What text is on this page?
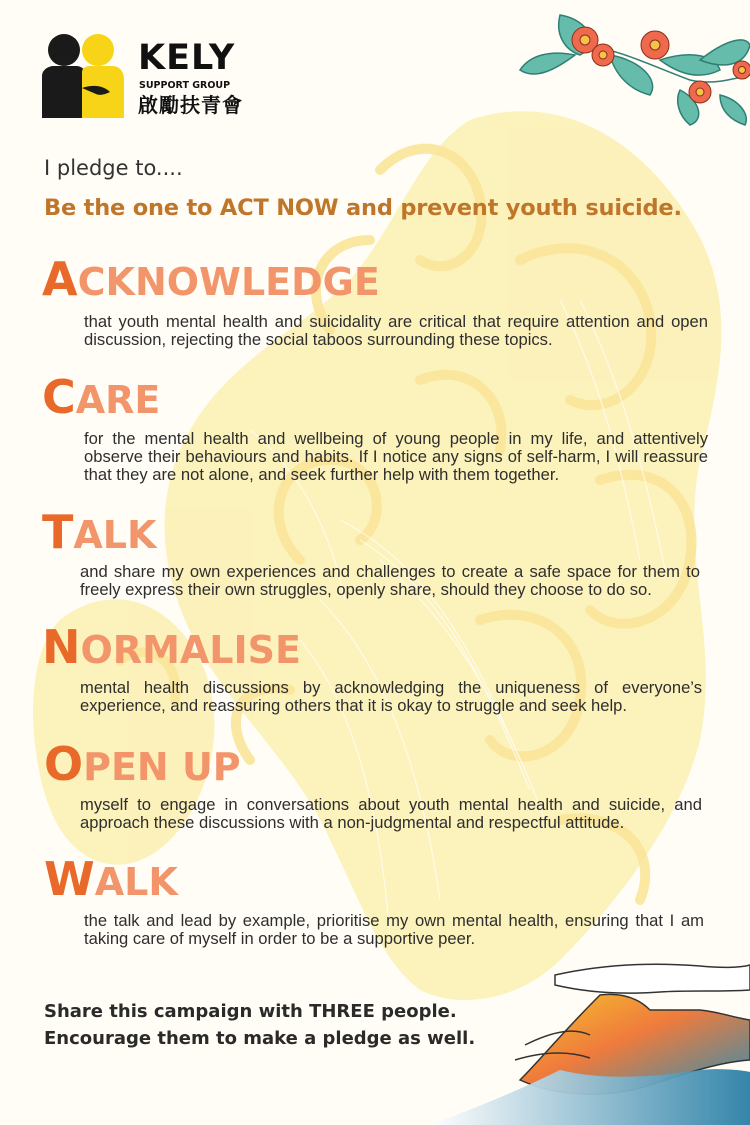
KELY
SUPPORT GROUP
啟勵扶青會
I pledge to....
Be the one to ACT NOW and prevent youth suicide.
ACKNOWLEDGE
that youth mental health and suicidality are critical that require attention and open discussion, rejecting the social taboos surrounding these topics.
CARE
for the mental health and wellbeing of young people in my life, and attentively observe their behaviours and habits. If I notice any signs of self-harm, I will reassure that they are not alone, and seek further help with them together.
TALK
and share my own experiences and challenges to create a safe space for them to freely express their own struggles, openly share, should they choose to do so.
NORMALISE
mental health discussions by acknowledging the uniqueness of everyone’s experience, and reassuring others that it is okay to struggle and seek help.
OPEN UP
myself to engage in conversations about youth mental health and suicide, and approach these discussions with a non-judgmental and respectful attitude.
WALK
the talk and lead by example, prioritise my own mental health, ensuring that I am taking care of myself in order to be a supportive peer.
Share this campaign with THREE people.
Encourage them to make a pledge as well.
